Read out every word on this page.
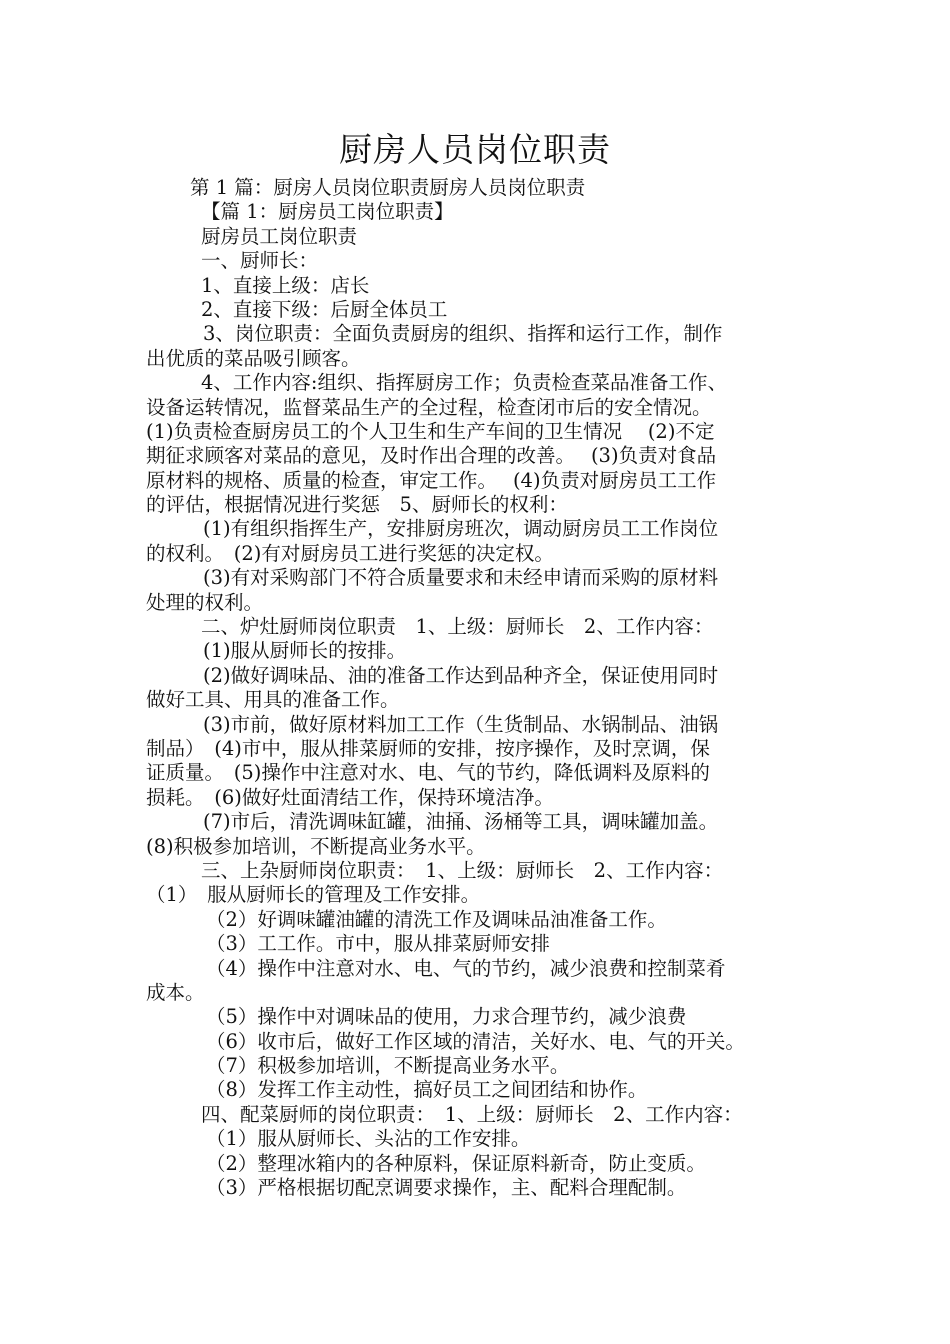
厨房人员岗位职责
第 1 篇：厨房人员岗位职责厨房人员岗位职责
【篇 1：厨房员工岗位职责】
厨房员工岗位职责
一、厨师长：
1、直接上级：店长
2、直接下级：后厨全体员工
3、岗位职责：全面负责厨房的组织、指挥和运行工作，制作
出优质的菜品吸引顾客。
4、工作内容:组织、指挥厨房工作；负责检查菜品准备工作、
设备运转情况，监督菜品生产的全过程，检查闭市后的安全情况。
(1)负责检查厨房员工的个人卫生和生产车间的卫生情况　 (2)不定
期征求顾客对菜品的意见，及时作出合理的改善。　 (3)负责对食品
原材料的规格、质量的检查，审定工作。　 (4)负责对厨房员工工作
的评估，根据情况进行奖惩　5、厨师长的权利：
(1)有组织指挥生产，安排厨房班次，调动厨房员工工作岗位
的权利。　(2)有对厨房员工进行奖惩的决定权。
(3)有对采购部门不符合质量要求和未经申请而采购的原材料
处理的权利。
二、炉灶厨师岗位职责　1、上级：厨师长　2、工作内容：
(1)服从厨师长的按排。
(2)做好调味品、油的准备工作达到品种齐全，保证使用同时
做好工具、用具的准备工作。
(3)市前，做好原材料加工工作（生货制品、水锅制品、油锅
制品）　(4)市中，服从排菜厨师的安排，按序操作，及时烹调，保
证质量。　(5)操作中注意对水、电、气的节约，降低调料及原料的
损耗。　(6)做好灶面清结工作，保持环境洁净。
(7)市后，清洗调味缸罐，油捅、汤桶等工具，调味罐加盖。
(8)积极参加培训，不断提高业务水平。
三、上杂厨师岗位职责：　1、上级：厨师长　2、工作内容：
（1）　服从厨师长的管理及工作安排。
（2）好调味罐油罐的清洗工作及调味品油准备工作。
（3）工工作。市中，服从排菜厨师安排
（4）操作中注意对水、电、气的节约，减少浪费和控制菜肴
成本。
（5）操作中对调味品的使用，力求合理节约，减少浪费
（6）收市后，做好工作区域的清洁，关好水、电、气的开关。
（7）积极参加培训，不断提高业务水平。
（8）发挥工作主动性，搞好员工之间团结和协作。
四、配菜厨师的岗位职责：　1、上级：厨师长　2、工作内容：
（1）服从厨师长、头沾的工作安排。
（2）整理冰箱内的各种原料，保证原料新奇，防止变质。
（3）严格根据切配烹调要求操作，主、配料合理配制。
